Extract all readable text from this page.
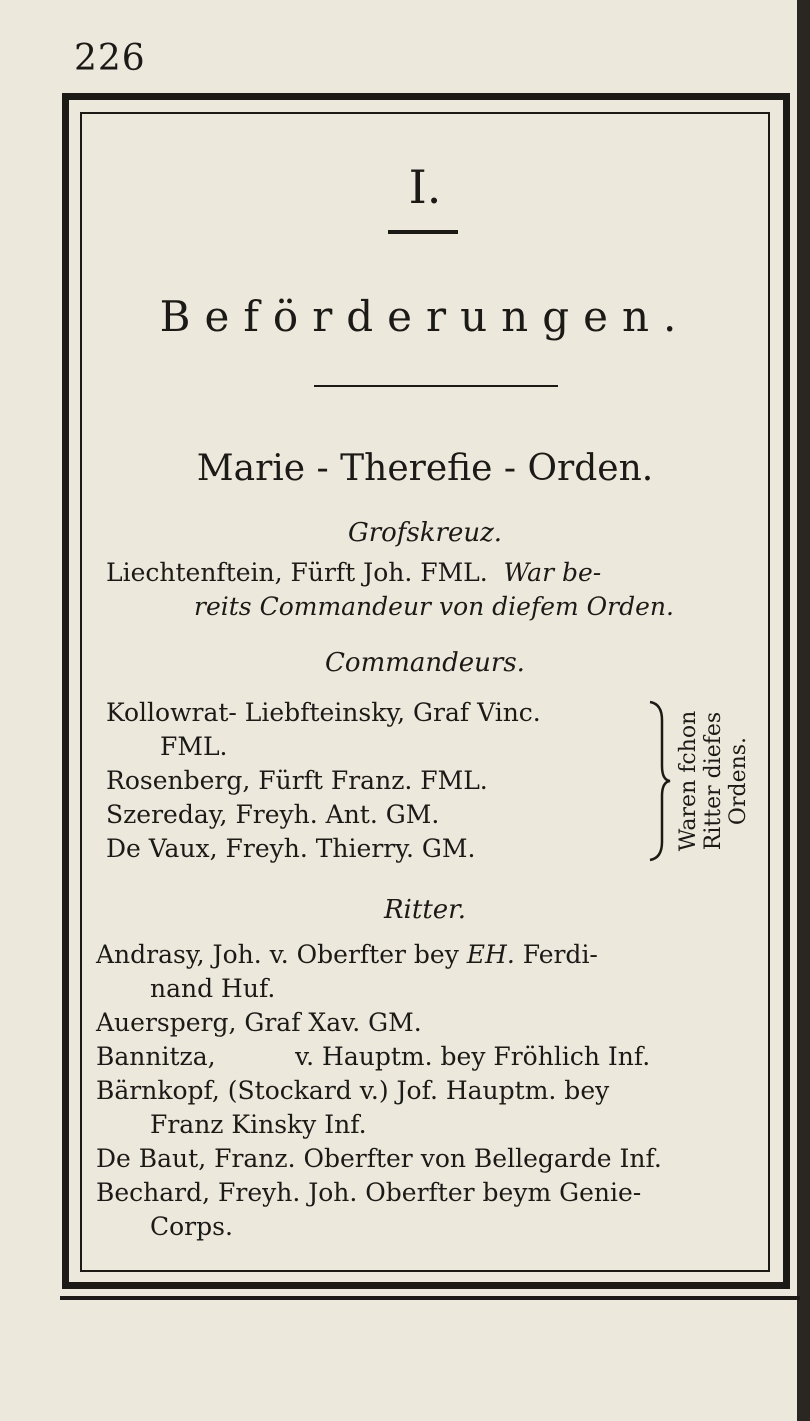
226
I.
Beförderungen.
Marie - Therefie - Orden.
Grofskreuz.
Liechtenftein, Fürft Joh. FML. War be-
reits Commandeur von diefem Orden.
Commandeurs.
Kollowrat- Liebfteinsky, Graf Vinc.
FML.
Rosenberg, Fürft Franz. FML.
Szereday, Freyh. Ant. GM.
De Vaux, Freyh. Thierry. GM.	Waren fchon Ritter diefes Ordens.
Ritter.
Andrasy, Joh. v. Oberfter bey EH. Ferdi-
nand Huf.
Auersperg, Graf Xav. GM.
Bannitza,          v. Hauptm. bey Fröhlich Inf.
Bärnkopf, (Stockard v.) Jof. Hauptm. bey
Franz Kinsky Inf.
De Baut, Franz. Oberfter von Bellegarde Inf.
Bechard, Freyh. Joh. Oberfter beym Genie-
Corps.
